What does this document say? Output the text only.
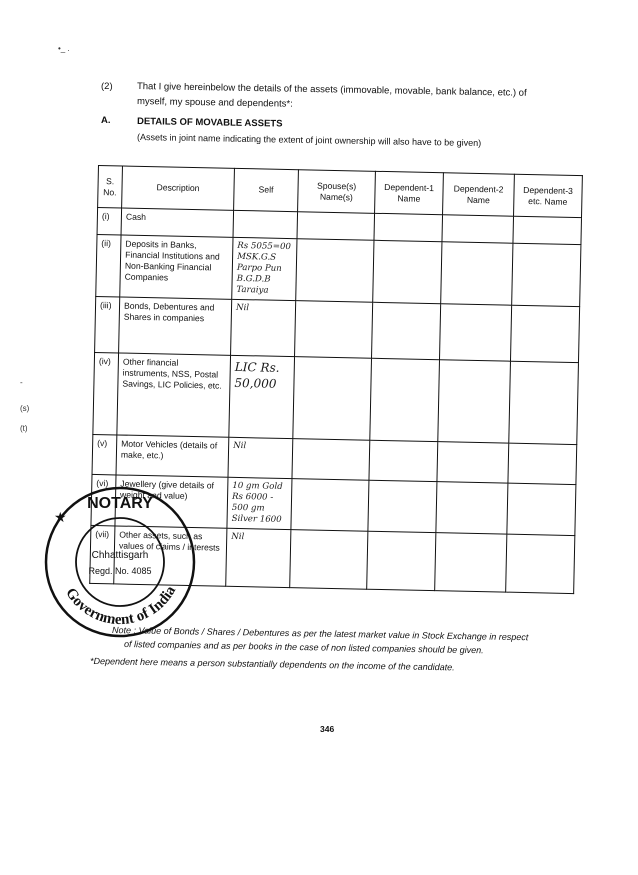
•_ .
-
(s)
(t)
(2)	That I give hereinbelow the details of the assets (immovable, movable, bank balance, etc.) of
myself, my spouse and dependents*:
A.	DETAILS OF MOVABLE ASSETS
(Assets in joint name indicating the extent of joint ownership will also have to be given)
S. No.	Description	Self	Spouse(s) Name(s)	Dependent-1 Name	Dependent-2 Name	Dependent-3 etc. Name
(i)	Cash					
(ii)	Deposits in Banks, Financial Institutions and Non-Banking Financial Companies	Rs 5055=00 MSK.G.S Parpo Pun B.G.D.B Taraiya				
(iii)	Bonds, Debentures and Shares in companies	Nil				
(iv)	Other financial instruments, NSS, Postal Savings, LIC Policies, etc.	LIC Rs. 50,000				
(v)	Motor Vehicles (details of make, etc.)	Nil				
(vi)	Jewellery (give details of weight and value)	10 gm Gold Rs 6000 - 500 gm Silver 1600				
(vii)	Other assets, such as values of claims / interests	Nil				
Note : Value of Bonds / Shares / Debentures as per the latest market value in Stock Exchange in respect
of listed companies and as per books in the case of non listed companies should be given.
*Dependent here means a person substantially dependents on the income of the candidate.
346
Government of India
NOTARY
Chhattisgarh
Regd. No. 4085
★
